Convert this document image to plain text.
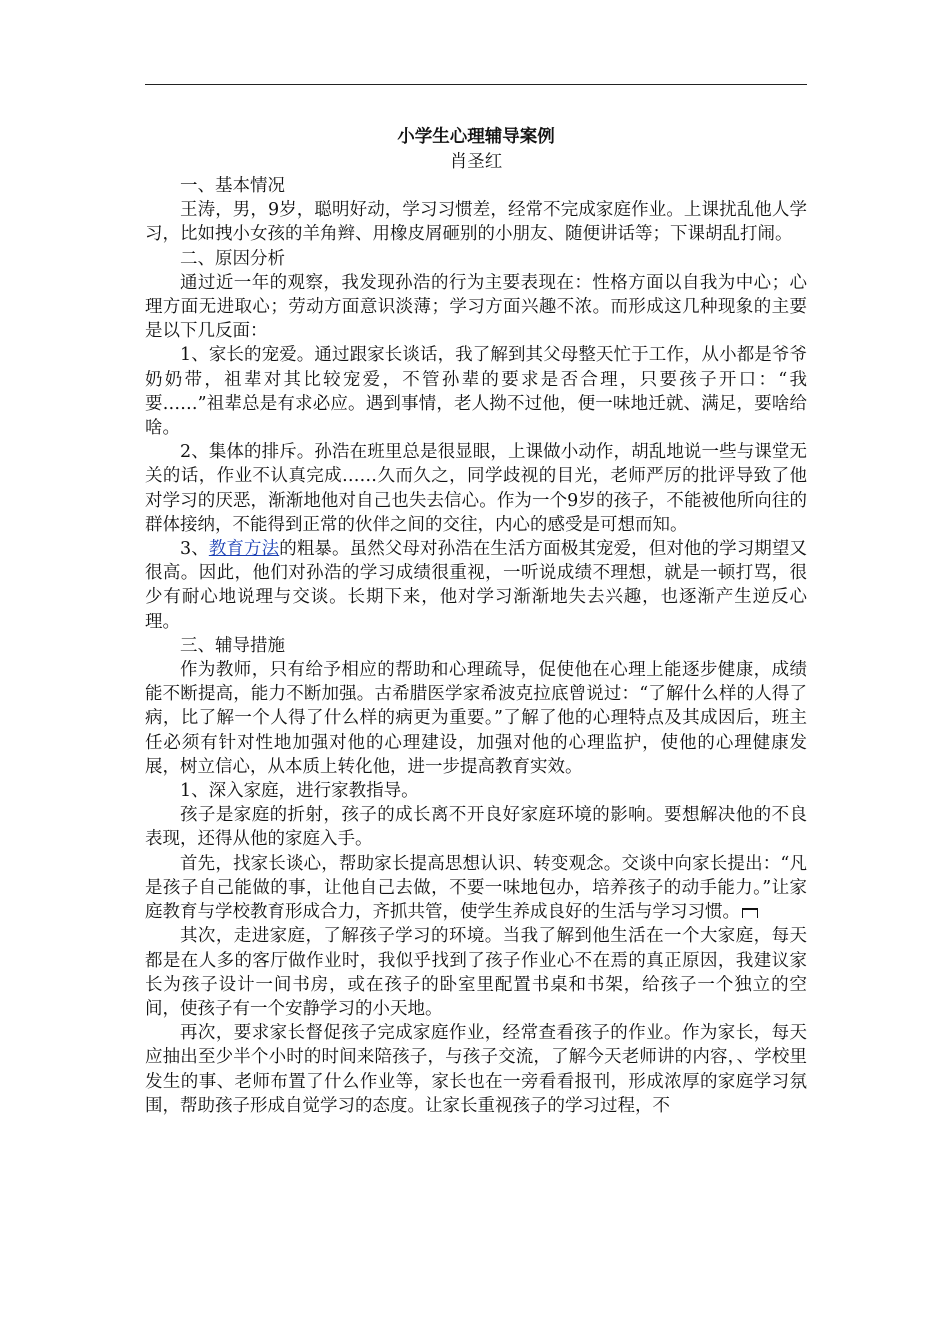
小学生心理辅导案例
肖圣红

一、基本情况

王涛，男，9岁，聪明好动，学习习惯差，经常不完成家庭作业。上课扰乱他人学习，比如拽小女孩的羊角辫、用橡皮屑砸别的小朋友、随便讲话等；下课胡乱打闹。

二、原因分析

通过近一年的观察，我发现孙浩的行为主要表现在：性格方面以自我为中心；心理方面无进取心；劳动方面意识淡薄；学习方面兴趣不浓。而形成这几种现象的主要是以下几反面：

1、家长的宠爱。通过跟家长谈话，我了解到其父母整天忙于工作，从小都是爷爷奶奶带，祖辈对其比较宠爱，不管孙辈的要求是否合理，只要孩子开口：“我要……”祖辈总是有求必应。遇到事情，老人拗不过他，便一味地迁就、满足，要啥给啥。

2、集体的排斥。孙浩在班里总是很显眼，上课做小动作，胡乱地说一些与课堂无关的话，作业不认真完成……久而久之，同学歧视的目光，老师严厉的批评导致了他对学习的厌恶，渐渐地他对自己也失去信心。作为一个9岁的孩子，不能被他所向往的群体接纳，不能得到正常的伙伴之间的交往，内心的感受是可想而知。

3、教育方法的粗暴。虽然父母对孙浩在生活方面极其宠爱，但对他的学习期望又很高。因此，他们对孙浩的学习成绩很重视，一听说成绩不理想，就是一顿打骂，很少有耐心地说理与交谈。长期下来，他对学习渐渐地失去兴趣，也逐渐产生逆反心理。

三、辅导措施

作为教师，只有给予相应的帮助和心理疏导，促使他在心理上能逐步健康，成绩能不断提高，能力不断加强。古希腊医学家希波克拉底曾说过：“了解什么样的人得了病，比了解一个人得了什么样的病更为重要。”了解了他的心理特点及其成因后，班主任必须有针对性地加强对他的心理建设，加强对他的心理监护，使他的心理健康发展，树立信心，从本质上转化他，进一步提高教育实效。

1、深入家庭，进行家教指导。

孩子是家庭的折射，孩子的成长离不开良好家庭环境的影响。要想解决他的不良表现，还得从他的家庭入手。

首先，找家长谈心，帮助家长提高思想认识、转变观念。交谈中向家长提出：“凡是孩子自己能做的事，让他自己去做，不要一味地包办，培养孩子的动手能力。”让家庭教育与学校教育形成合力，齐抓共管，使学生养成良好的生活与学习习惯。

其次，走进家庭，了解孩子学习的环境。当我了解到他生活在一个大家庭，每天都是在人多的客厅做作业时，我似乎找到了孩子作业心不在焉的真正原因，我建议家长为孩子设计一间书房，或在孩子的卧室里配置书桌和书架，给孩子一个独立的空间，使孩子有一个安静学习的小天地。

再次，要求家长督促孩子完成家庭作业，经常查看孩子的作业。作为家长，每天应抽出至少半个小时的时间来陪孩子，与孩子交流，了解今天老师讲的内容，、学校里发生的事、老师布置了什么作业等，家长也在一旁看看报刊，形成浓厚的家庭学习氛围，帮助孩子形成自觉学习的态度。让家长重视孩子的学习过程，不
